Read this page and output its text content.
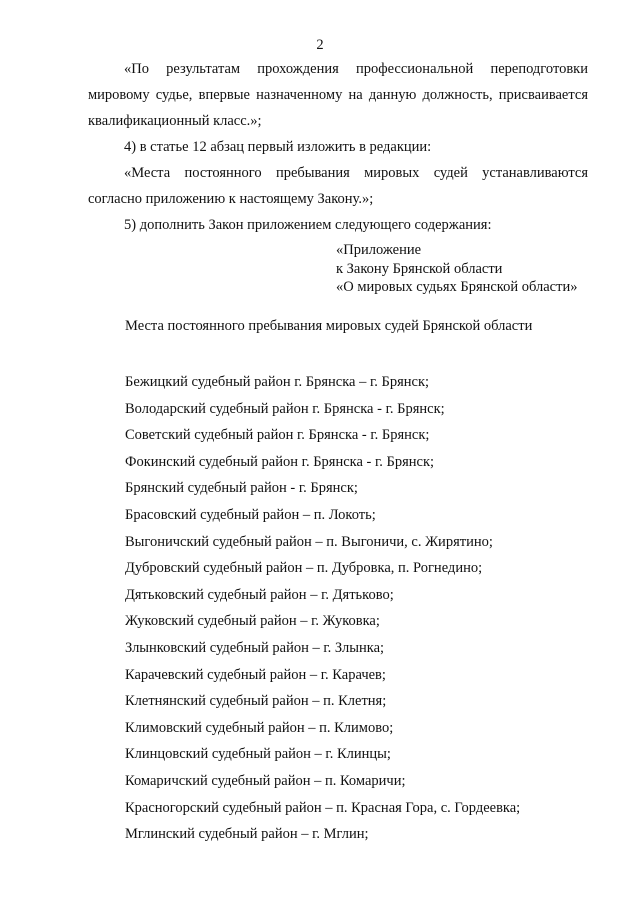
2
«По результатам прохождения профессиональной переподготовки
мировому судье, впервые назначенному на данную должность, присваивается
квалификационный класс.»;
4) в статье 12 абзац первый изложить в редакции:
«Места постоянного пребывания мировых судей устанавливаются
согласно приложению к настоящему Закону.»;
5) дополнить Закон приложением следующего содержания:
«Приложение
к Закону Брянской области
«О мировых судьях Брянской области»
Места постоянного пребывания мировых судей Брянской области
Бежицкий судебный район г. Брянска – г. Брянск;
Володарский судебный район г. Брянска - г. Брянск;
Советский судебный район г. Брянска - г. Брянск;
Фокинский судебный район г. Брянска - г. Брянск;
Брянский судебный район - г. Брянск;
Брасовский судебный район – п. Локоть;
Выгоничский судебный район – п. Выгоничи, с. Жирятино;
Дубровский судебный район – п. Дубровка, п. Рогнедино;
Дятьковский судебный район – г. Дятьково;
Жуковский судебный район – г. Жуковка;
Злынковский судебный район – г. Злынка;
Карачевский судебный район – г. Карачев;
Клетнянский судебный район – п. Клетня;
Климовский судебный район – п. Климово;
Клинцовский судебный район – г. Клинцы;
Комаричский судебный район – п. Комаричи;
Красногорский судебный район – п. Красная Гора, с. Гордеевка;
Мглинский судебный район – г. Мглин;
